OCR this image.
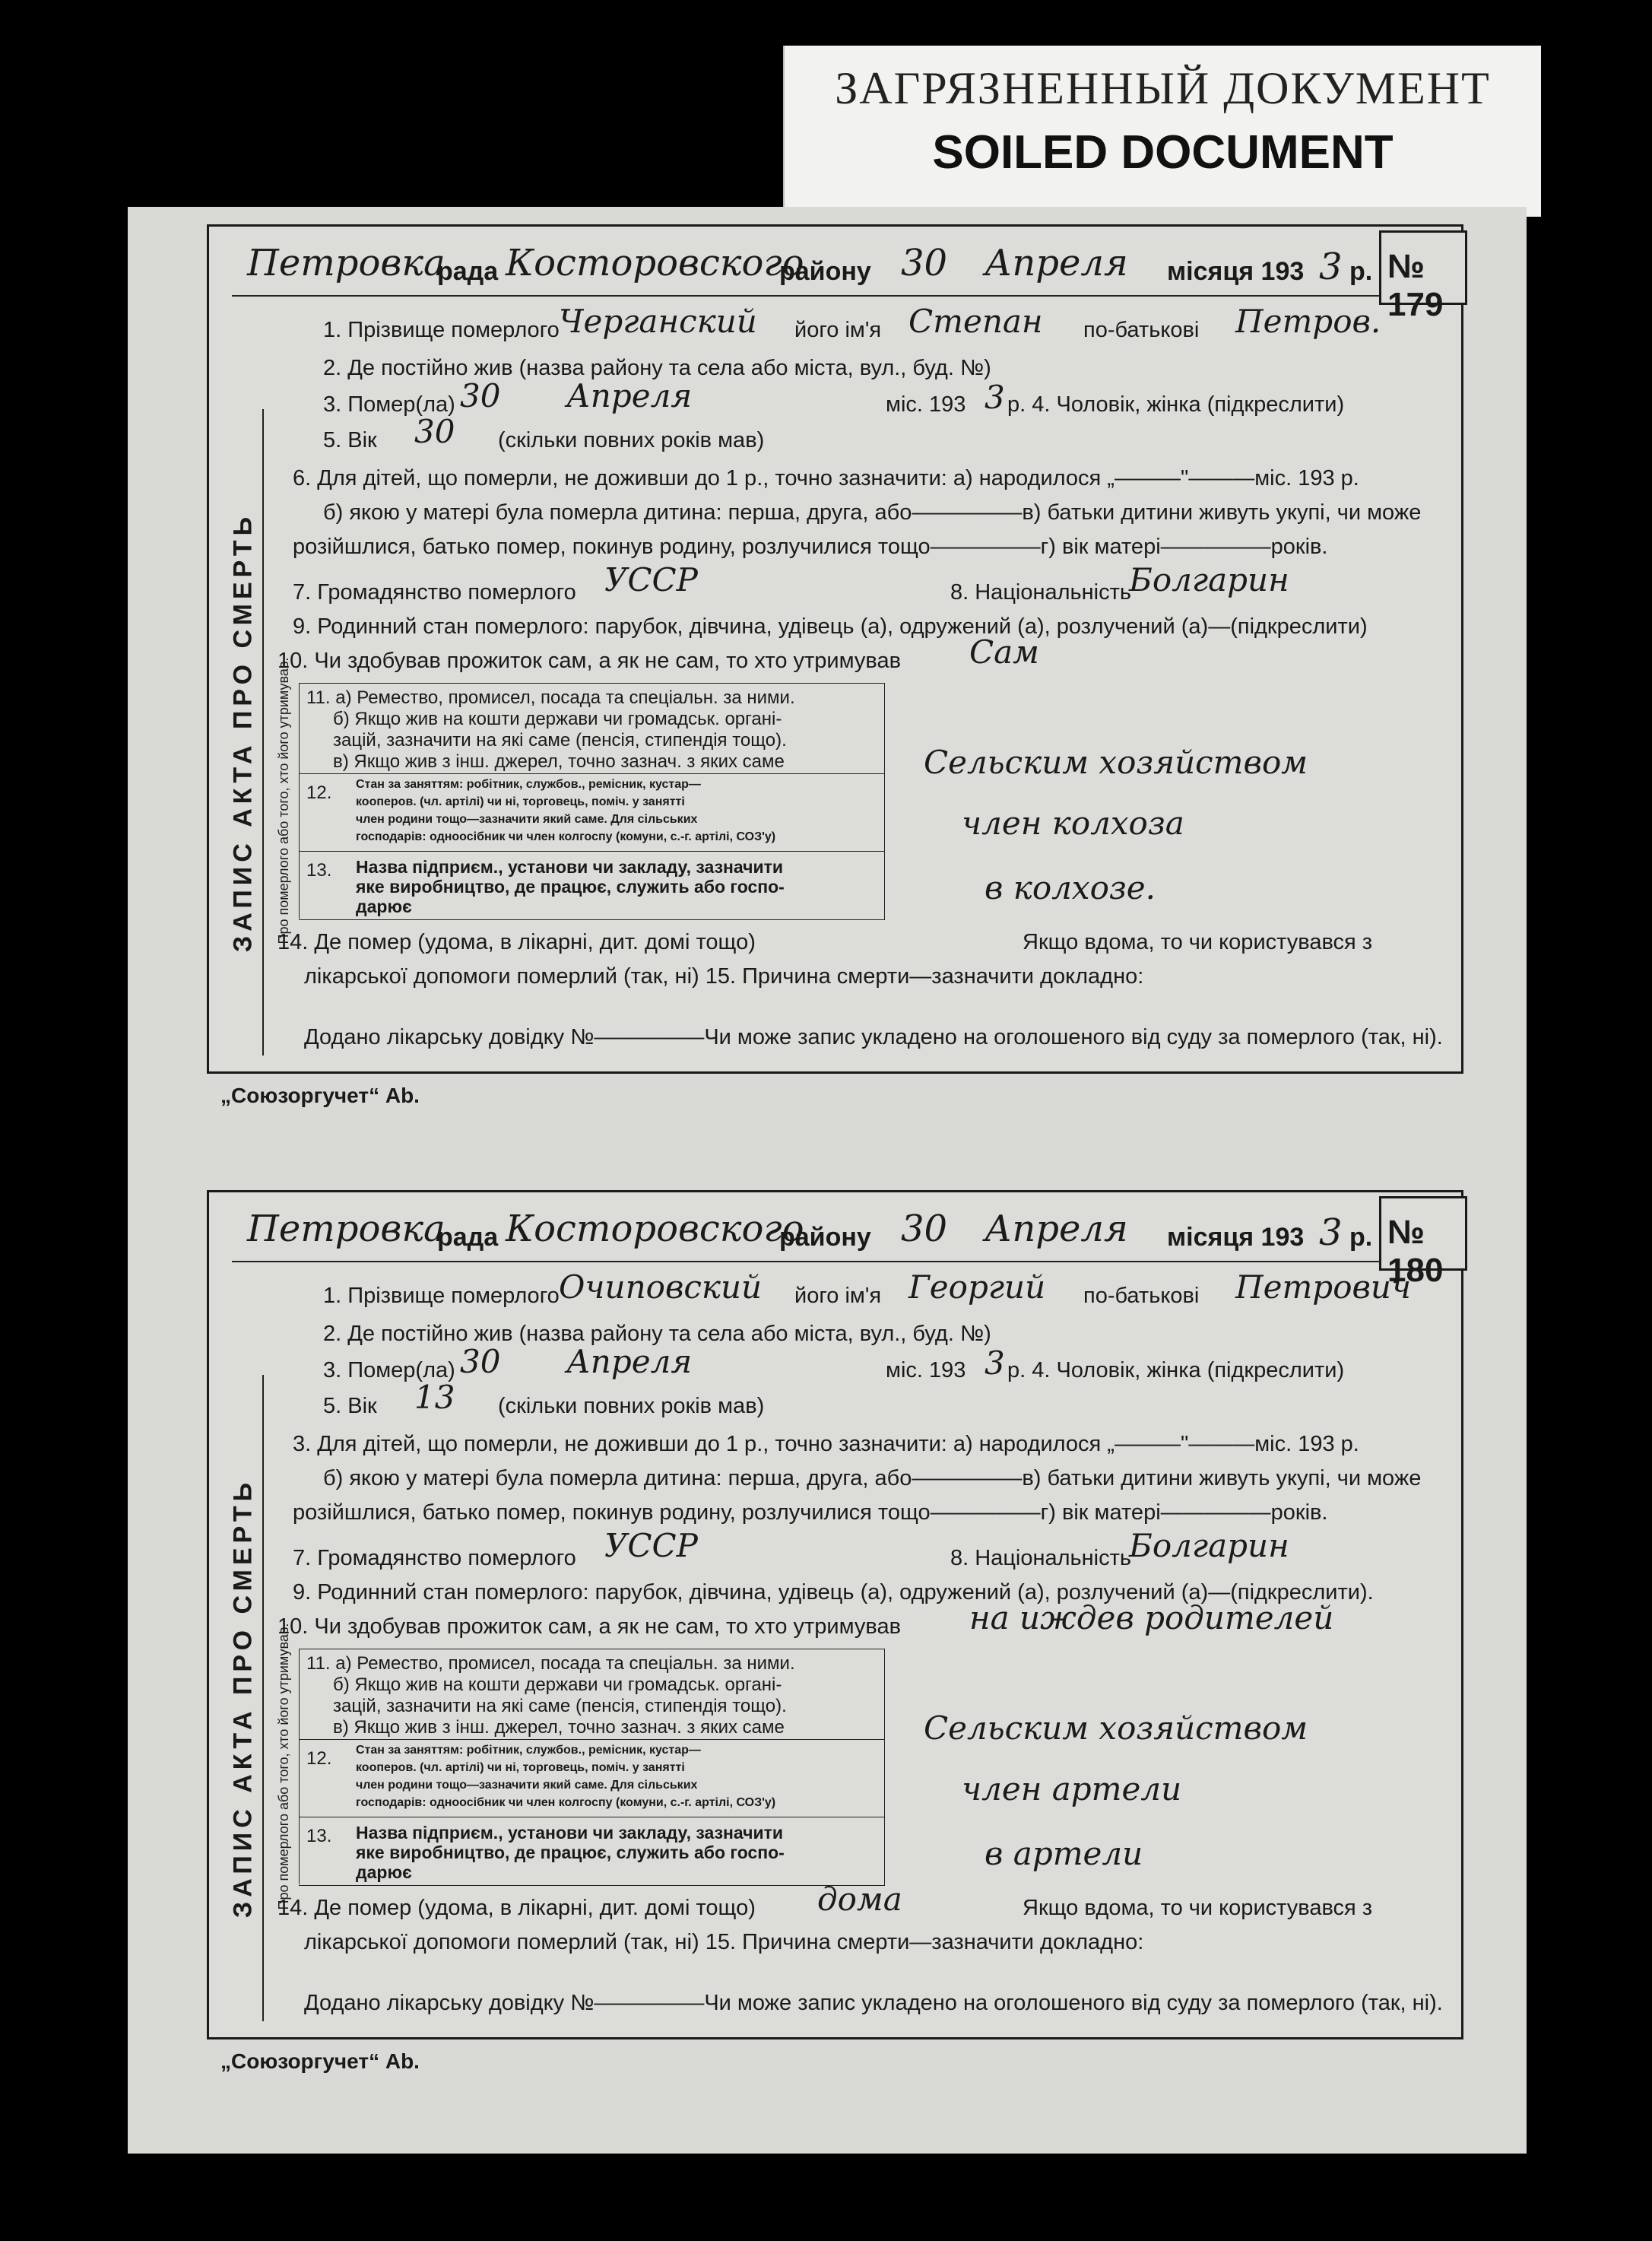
ЗАГРЯЗНЕННЫЙ ДОКУМЕНТ
SOILED DOCUMENT
Петровка
рада Косторовского
району 30 Апреля місяця 193 3 р. № 179
ЗАПИС АКТА ПРО СМЕРТЬ
1. Прізвище померлого Черганский його ім'я Степан по-батькові Петров.
2. Де постійно жив (назва району та села або міста, вул., буд. №)
3. Помер(ла) 30 Апреля	міс. 193 3 р. 4. Чоловік, жінка (підкреслити)
5. Вік 30 (скільки повних років мав)
6. Для дітей, що померли, не доживши до 1 р., точно зазначити: а) народилося „———"———міс. 193 р.
б) якою у матері була померла дитина: перша, друга, або—————в) батьки дитини живуть укупі, чи може
розійшлися, батько помер, покинув родину, розлучилися тощо—————г) вік матері—————років.
7. Громадянство померлого УССР	8. Національність
Болгарин
9. Родинний стан померлого: парубок, дівчина, удівець (а), одружений (а), розлучений (а)—(підкреслити)
10. Чи здобував прожиток сам, а як не сам, то хто утримував Сам
Про померлого або того, хто його утримував. 11. а) Ремество, промисел, посада та спеціальн. за ними.
б) Якщо жив на кошти держави чи громадськ. органі-
зацій, зазначити на які саме (пенсія, стипендія тощо).
в) Якщо жив з інш. джерел, точно зазнач. з яких саме
12. Стан за заняттям: робітник, службов., ремісник, кустар—
кооперов. (чл. артілі) чи ні, торговець, поміч. у занятті
член родини тощо—зазначити який саме. Для сільських
господарів: одноосібник чи член колгоспу (комуни, с.-г. артілі, СОЗ'у)
13. Назва підприєм., установи чи закладу, зазначити
яке виробництво, де працює, служить або госпо-
дарює
Сельским хозяйством
член колхоза
в колхозе.
14. Де помер (удома, в лікарні, дит. домі тощо)	Якщо вдома, то чи користувався з
лікарської допомоги померлий (так, ні) 15. Причина смерти—зазначити докладно:
Додано лікарську довідку №—————Чи може запис укладено на оголошеного від суду за померлого (так, ні).
Петровка
рада Косторовского
району 30 Апреля місяця 193 3 р. № 180
ЗАПИС АКТА ПРО СМЕРТЬ
1. Прізвище померлого Очиповский його ім'я Георгий по-батькові Петрович
2. Де постійно жив (назва району та села або міста, вул., буд. №)
3. Помер(ла) 30 Апреля	міс. 193 3 р. 4. Чоловік, жінка (підкреслити)
5. Вік 13 (скільки повних років мав)
3. Для дітей, що померли, не доживши до 1 р., точно зазначити: а) народилося „———"———міс. 193 р.
б) якою у матері була померла дитина: перша, друга, або—————в) батьки дитини живуть укупі, чи може
розійшлися, батько помер, покинув родину, розлучилися тощо—————г) вік матері—————років.
7. Громадянство померлого УССР	8. Національність
Болгарин
9. Родинний стан померлого: парубок, дівчина, удівець (а), одружений (а), розлучений (а)—(підкреслити).
10. Чи здобував прожиток сам, а як не сам, то хто утримував на иждев родителей
Про померлого або того, хто його утримував. 11. а) Ремество, промисел, посада та спеціальн. за ними.
б) Якщо жив на кошти держави чи громадськ. органі-
зацій, зазначити на які саме (пенсія, стипендія тощо).
в) Якщо жив з інш. джерел, точно зазнач. з яких саме
12. Стан за заняттям: робітник, службов., ремісник, кустар—
кооперов. (чл. артілі) чи ні, торговець, поміч. у занятті
член родини тощо—зазначити який саме. Для сільських
господарів: одноосібник чи член колгоспу (комуни, с.-г. артілі, СОЗ'у)
13. Назва підприєм., установи чи закладу, зазначити
яке виробництво, де працює, служить або госпо-
дарює
Сельским хозяйством
член артели
в артели
14. Де помер (удома, в лікарні, дит. домі тощо) дома	Якщо вдома, то чи користувався з
лікарської допомоги померлий (так, ні) 15. Причина смерти—зазначити докладно:
Додано лікарську довідку №—————Чи може запис укладено на оголошеного від суду за померлого (так, ні).
„Союзоргучет“ Аb.
„Союзоргучет“ Аb.
